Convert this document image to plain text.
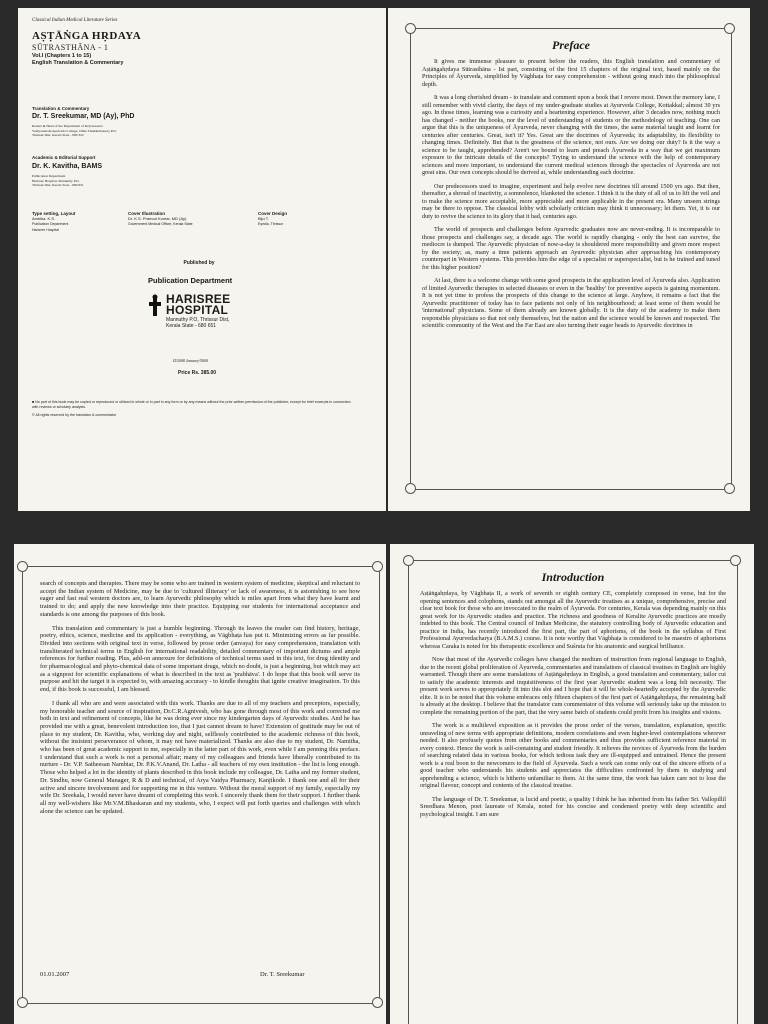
Classical Indian Medical Literature Series
AṢṬĀṄGA HṚDAYA
SŪTRASTHĀNA - 1
Vol.I (Chapters 1 to 15)
English Translation & Commentary
Translation & Commentary
Dr. T. Sreekumar, MD (Ay), PhD
Reader & Head of the Department of Kriyasareera
Vaidyaratnam Ayurveda College, Ollur-Thaikkattussery P.O.
Thrissur Dist, Kerala State - 680 322
Academic & Editorial Support
Dr. K. Kavitha, BAMS
Publication Department
Harisree Hospital, Mannuthy P.O.
Thrissur Dist, Kerala State - 680 651
Type setting, Layout
Ambika. K.S.
Publication Department
Harisree Hospital
Cover Illustration
Dr. K.S. Pramod Kumar, MD (Ay)
Government Medical Officer, Kerala State
Cover Design
Biju T.
Eyedia, Thrissur
Published by
Publication Department
HARISREE
HOSPITAL
Mannuthy P.O, Thrissur Dist,
Kerala State - 680 651
II/2008 January/5000
Price Rs. 385.00
■ No part of this book may be copied or reproduced or utilized in whole or in part in any form or by any means without the prior written permission of the publisher, except for brief excerpts in connection with reviews or scholarly analysis.
© All rights reserved by the translator & commentator
Preface

It gives me immense pleasure to present before the readers, this English translation and commentary of Aṣṭāṅgahṛdaya Sūtrasthāna - Ist part, consisting of the first 15 chapters of the original text, based mainly on the Principles of Āyurveda, simplified by Vāgbhaṭa for easy comprehension - without going much into the philosophical depth.

It was a long cherished dream - to translate and comment upon a book that I revere most. Down the memory lane, I still remember with vivid clarity, the days of my under-graduate studies at Ayurveda College, Kottakkal; almost 30 yrs ago. In those times, learning was a curiosity and a heartening experience. However, after 3 decades now, nothing much has changed - neither the books, nor the level of understanding of students or the methodology of teaching. One can argue that this is the uniqueness of Āyurveda, never changing with the times, the same material taught and learnt for centuries after centuries. Great, isn't it? Yes. Great are the doctrines of Āyurveda; its adaptability, its flexibility to changing times. Definitely. But that is the greatness of the science, not ours. Are we doing our duty? Is it the way a science to be taught, apprehended? Aren't we bound to learn and preach Āyurveda in a way that we get maximum exposure to the intricate details of the concepts? Trying to understand the science with the help of contemporary sciences and more important, to understand the current medical sciences through the spectacles of Āyurveda are not great sins. Our own concepts should be derived at, while understanding each doctrine.

Our predecessors used to imagine, experiment and help evolve new doctrines till around 1500 yrs ago. But then, thereafter, a shroud of inactivity, a somnolence, blanketed the science. I think it is the duty of all of us to lift the veil and to make the science more acceptable, more appreciable and more applicable in the present era. Many unseen strings may be there to oppose. The classical lobby with scholarly criticism may think it unnecessary; let them. Yet, it is our duty to revive the science to its glory that it had, centuries ago.

The world of prospects and challenges before Ayurvedic graduates now are never-ending. It is incomparable to those prospects and challenges say, a decade ago. The world is rapidly changing - only the best can survive, the mediocre is dumped. The Ayurvedic physician of now-a-day is shouldered more responsibility and given more respect by the society; as, many a time patients approach an Ayurvedic physician after approaching his contemporary counterpart in Western systems. This provides him the edge of a specialist or superspecialist, but is he trained and tuned for this higher position?

At last, there is a welcome change with some good prospects in the application level of Āyurveda also. Application of limited Ayurvedic therapies in selected diseases or even in the 'healthy' for preventive aspects is gaining momentum. It is not yet time to profess the prospects of this change to the science at large. Anyhow, it remains a fact that the Ayurvedic practitioner of today has to face patients not only of his neighbourhood; at least some of them would be 'international' physicians. Some of them already are known globally. It is the duty of the academy to make them responsible physicians so that not only themselves, but the nation and the science would be known and respected. The scientific community of the West and the Far East are also turning their eager heads to Ayurvedic doctrines in

search of concepts and therapies. There may be some who are trained in western system of medicine, skeptical and reluctant to accept the Indian system of Medicine, may be due to 'cultured illiteracy' or lack of awareness, it is astonishing to see how eager and fast real western doctors are, to learn Ayurvedic philosophy which is miles apart from what they have learnt and trained to do; and apply the new knowledge into their practice. Equipping our students for international acceptance and standards is one among the purposes of this book.

This translation and commentary is just a humble beginning. Through its leaves the reader can find history, heritage, poetry, ethics, science, medicine and its application - everything, as Vāgbhaṭa has put it. Minimizing errors as far possible. Divided into sections with original text in verse, followed by prose order (anvaya) for easy comprehension, translation with transliterated technical terms in English for international readability, detailed commentary of important dictums and ample references for further reading. Plus, add-on annexure for definitions of technical terms used in this text, for drug identity and for pharmacological and phyto-chemical data of some important drugs, which no doubt, is just a beginning, but which may act as a signpost for scientific explanations of what is described in the text as 'prabhāva'. I do hope that this book will serve its purpose and hit the target it is expected to, with amazing accuracy - to kindle thoughts that ignite creative imagination. To this end, if this book is successful, I am blessed.

I thank all who are and were associated with this work. Thanks are due to all of my teachers and preceptors, especially, my honorable teacher and source of inspiration, Dr.C.R.Agnivesh, who has gone through most of this work and corrected me both in text and refinement of concepts, like he was doing ever since my kindergarten days of Ayurvedic studies. And he has provided me with a great, benevolent introduction too, that I just cannot dream to have! Extension of gratitude may be out of place to my student, Dr. Kavitha, who, working day and night, selflessly contributed to the academic richness of this book, without the insistent perseverance of whom, it may not have materialized. Thanks are also due to my student, Dr. Namitha, who has been of great academic support to me, especially in the latter part of this work, even while I am penning this preface. I understand that such a work is not a personal affair; many of my colleagues and friends have liberally contributed to its nurture - Dr. V.P. Satheesan Nambiar, Dr. P.K.V.Anand, Dr. Latha - all teachers of my own institution - the list is long enough. Those who helped a lot in the identity of plants described in this book include my colleague, Dr. Latha and my former student, Dr. Sindhu, now General Manager, R & D and technical, of Arya Vaidya Pharmacy, Kanjikode. I thank one and all for their active and sincere involvement and for supporting me in this venture. Without the moral support of my family, especially my wife Dr. Sreekala, I would never have dreamt of completing this work. I sincerely thank them for their support. I further thank all my well-wishers like Mr.V.M.Bhaskaran and my students, who, I expect will put forth queries and challenges with which alone the science can be updated.

01.01.2007	Dr. T. Sreekumar
Introduction

Aṣṭāṅgahṛdaya, by Vāgbhaṭa II, a work of seventh or eighth century CE, completely composed in verse, but for the opening sentences and colophons, stands out amongst all the Ayurvedic treatises as a unique, comprehensive, precise and clear text book for those who are invoccated to the realm of Āyurveda. For centuries, Kerala was depending mainly on this great work for its Ayurvedic studies and practice. The richness and goodness of Keralite Ayurvedic practices are mostly indebted to this book. The Central council of Indian Medicine, the statutory controlling body of Ayurvedic education and practice in India, has recently introduced the first part, the part of aphorisms, of the book in the syllabus of First Professional Ayurvedacharya (B.A.M.S.) course. It is note worthy that Vāgbhaṭa is considered to be maestro of aphorisms whereas Caraka is noted for his therapeutic excellence and Suśruta for his anatomic and surgical brilliance.

Now that most of the Ayurvedic colleges have changed the medium of instruction from regional language to English, due to the recent global proliferation of Āyurveda, commentaries and translations of classical treatises in English are highly warranted. Though there are some translations of Aṣṭāṅgahṛdaya in English, a good translation and commentary, tailor cut to satisfy the academic interests and inquisitiveness of the first year Ayurvedic student was a long felt necessity. The present work serves to appropriately fit into this slot and I hope that it will be whole-heartedly accepted by the Ayurvedic elite. It is to be noted that this volume embraces only fifteen chapters of the first part of Aṣṭāṅgahṛdaya, the remaining half is already at the desktop. I believe that the translator cum commentator of this volume will seriously take up the mission to complete the remaining portion of the part, that the very same batch of students could profit from his insights and visions.

The work is a multilevel exposition as it provides the prose order of the verses, translation, explanation, specific unraveling of new terms with appropriate definitions, modern correlations and even higher-level contemplations wherever needed. It also profusely quotes from other books and commentaries and thus provides sufficient reference material in every context. Hence the work is self-containing and student friendly. It relieves the novices of Āyurveda from the burden of searching related data in various books, for which tedious task they are ill-equipped and untrained. Hence the present work is a real boon to the newcomers to the field of Āyurveda. Such a work can come only out of the sincere efforts of a good teacher who understands his students and appreciates the difficulties confronted by them in studying and apprehending a science, which is hitherto unfamiliar to them. At the same time, the work has taken care not to lose the original flavour, concept and contents of the classical treatise.

The language of Dr. T. Sreekumar, is lucid and poetic, a quality I think he has inherited from his father Sri. Vallopillil Sreedhara Menon, poet laureate of Kerala, noted for his concise and condensed poetry with deep scientific and psychological insight. I am sure
